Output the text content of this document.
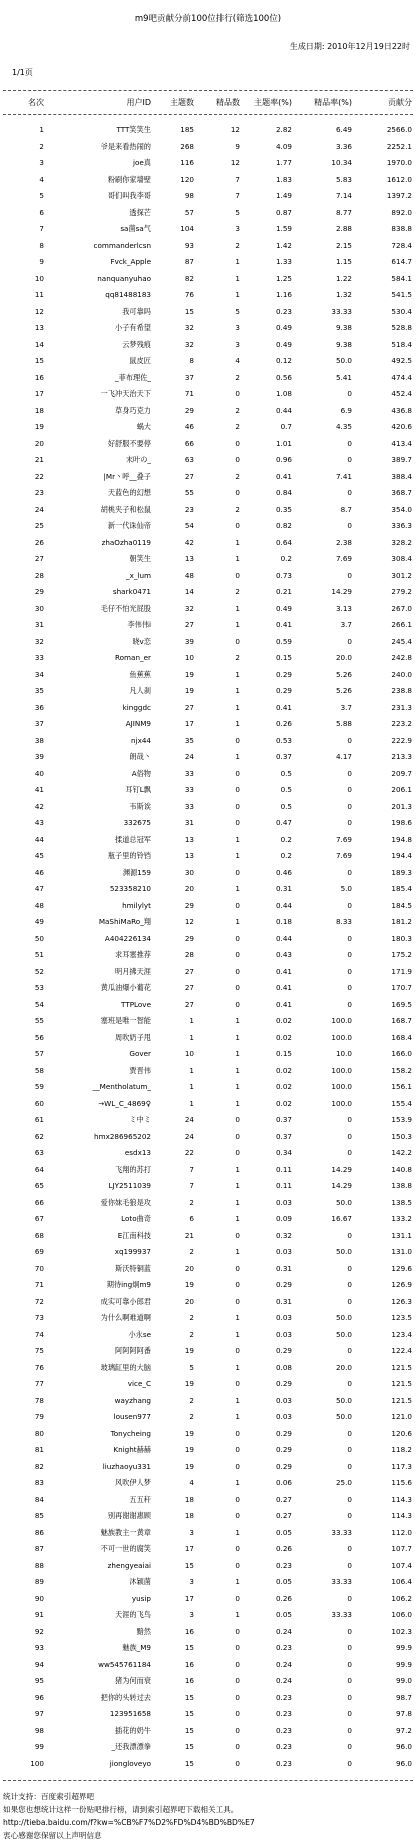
m9吧贡献分前100位排行(筛选100位)
生成日期: 2010年12月19日22时
1/1页
名次	用户ID	主题数	精品数	主题率(%)	精品率(%)	贡献分
1	TTT笑笑生	185	12	2.82	6.49	2566.0
2	爷是来看热闹的	268	9	4.09	3.36	2252.1
3	joe真	116	12	1.77	10.34	1970.0
4	粉刷你家墙壁	120	7	1.83	5.83	1612.0
5	哥们叫我李哥	98	7	1.49	7.14	1397.2
6	透探芒	57	5	0.87	8.77	892.0
7	sa菌sa气	104	3	1.59	2.88	838.8
8	commanderlcsn	93	2	1.42	2.15	728.4
9	Fvck_Apple	87	1	1.33	1.15	614.7
10	nanquanyuhao	82	1	1.25	1.22	584.1
11	qq81488183	76	1	1.16	1.32	541.5
12	我可靠吗	15	5	0.23	33.33	530.4
13	小子有希望	32	3	0.49	9.38	528.8
14	云梦残痕	32	3	0.49	9.38	518.4
15	鼠皮匠	8	4	0.12	50.0	492.5
16	_菲布理佐_	37	2	0.56	5.41	474.4
17	一飞冲天治天下	71	0	1.08	0	452.4
18	草身巧克力	29	2	0.44	6.9	436.8
19	蜗大	46	2	0.7	4.35	420.6
20	好舒服不要停	66	0	1.01	0	413.4
21	末叶の_	63	0	0.96	0	389.7
22	|Mr丶呼__叠子	27	2	0.41	7.41	388.4
23	天蓝色的幻想	55	0	0.84	0	368.7
24	胡桃夹子和松鼠	23	2	0.35	8.7	354.0
25	新一代诛仙帝	54	0	0.82	0	336.3
26	zhaOzha0119	42	1	0.64	2.38	328.2
27	朝笑生	13	1	0.2	7.69	308.4
28	_x_lum	48	0	0.73	0	301.2
29	shark0471	14	2	0.21	14.29	279.2
30	毛仔不怕光屁股	32	1	0.49	3.13	267.0
31	李伟伟i	27	1	0.41	3.7	266.1
32	晓v恋	39	0	0.59	0	245.4
33	Roman_er	10	2	0.15	20.0	242.8
34	鱼蕉蕉	19	1	0.29	5.26	240.0
35	凡人刹	19	1	0.29	5.26	238.8
36	kinggdc	27	1	0.41	3.7	231.3
37	AJINM9	17	1	0.26	5.88	223.2
38	njx44	35	0	0.53	0	222.9
39	朗哉丶	24	1	0.37	4.17	213.3
40	A俗物	33	0	0.5	0	209.7
41	耳钉L飘	33	0	0.5	0	206.1
42	韦斯诶	33	0	0.5	0	201.3
43	332675	31	0	0.47	0	198.6
44	揉道总冠军	13	1	0.2	7.69	194.8
45	瓶子里的铃铛	13	1	0.2	7.69	194.4
46	渊源159	30	0	0.46	0	189.3
47	523358210	20	1	0.31	5.0	185.4
48	hmilylyt	29	0	0.44	0	184.5
49	MaShiMaRo_翔	12	1	0.18	8.33	181.2
50	A404226134	29	0	0.44	0	180.3
51	求耳塞推荐	28	0	0.43	0	175.2
52	明月拂天涯	27	0	0.41	0	171.9
53	黄瓜油爆小葡花	27	0	0.41	0	170.7
54	TTPLove	27	0	0.41	0	169.5
55	塞班是唯一智能	1	1	0.02	100.0	168.7
56	周吹奶子甩	1	1	0.02	100.0	168.4
57	Gover	10	1	0.15	10.0	166.0
58	贾晋伟	1	1	0.02	100.0	158.2
59	__Mentholatum_	1	1	0.02	100.0	156.1
60	→WL_C_4869♀	1	1	0.02	100.0	155.4
61	ミ中ミ	24	0	0.37	0	153.9
62	hmx286965202	24	0	0.37	0	150.3
63	esdx13	22	0	0.34	0	142.2
64	飞翔的苏打	7	1	0.11	14.29	140.8
65	LJY2511039	7	1	0.11	14.29	138.8
66	爱你妹毛狼是攻	2	1	0.03	50.0	138.5
67	Loto曲奇	6	1	0.09	16.67	133.2
68	E江南科技	21	0	0.32	0	131.1
69	xq199937	2	1	0.03	50.0	131.0
70	斯沃特铜蓝	20	0	0.31	0	129.6
71	期待ing炯m9	19	0	0.29	0	126.9
72	成实可靠小郎君	20	0	0.31	0	126.3
73	为什么啊难道啊	2	1	0.03	50.0	123.5
74	小永se	2	1	0.03	50.0	123.4
75	阿阿阿阿番	19	0	0.29	0	122.4
76	玻璃缸里的大脑	5	1	0.08	20.0	121.5
77	vice_C	19	0	0.29	0	121.5
78	wayzhang	2	1	0.03	50.0	121.5
79	lousen977	2	1	0.03	50.0	121.0
80	Tonycheing	19	0	0.29	0	120.6
81	Knight赫赫	19	0	0.29	0	118.2
82	liuzhaoyu331	19	0	0.29	0	117.3
83	风吹伊人梦	4	1	0.06	25.0	115.6
84	五五秆	18	0	0.27	0	114.3
85	别再谢谢惠顾	18	0	0.27	0	114.3
86	魅族教主一黄章	3	1	0.05	33.33	112.0
87	不可一世的腐笑	17	0	0.26	0	107.7
88	zhengyeaiai	15	0	0.23	0	107.4
89	沐颖菌	3	1	0.05	33.33	106.4
90	yusip	17	0	0.26	0	106.2
91	天涯的飞鸟	3	1	0.05	33.33	106.0
92	黯然	16	0	0.24	0	102.3
93	魅族_M9	15	0	0.23	0	99.9
94	ww545761184	16	0	0.24	0	99.9
95	猪为何而衰	16	0	0.24	0	99.0
96	把你的头转过去	15	0	0.23	0	98.7
97	123951658	15	0	0.23	0	97.8
98	插花的奶牛	15	0	0.23	0	97.2
99	_还我漂漂拳	15	0	0.23	0	96.0
100	jiongloveyo	15	0	0.23	0	96.0
统计支持：百度索引超界吧
如果您也想统计这样一份贴吧排行榜，请到索引超界吧下载相关工具。
http://tieba.baidu.com/f?kw=%CB%F7%D2%FD%D4%BD%BD%E7
衷心感谢您保留以上声明信息
